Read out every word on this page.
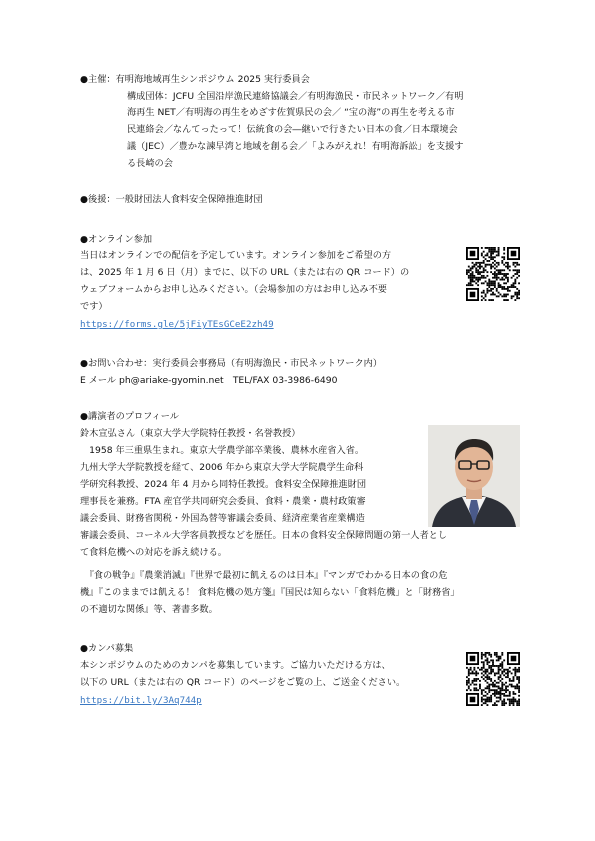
●主催：有明海地域再生シンポジウム 2025 実行委員会
構成団体：JCFU 全国沿岸漁民連絡協議会／有明海漁民・市民ネットワーク／有明
海再生 NET／有明海の再生をめざす佐賀県民の会／ “宝の海”の再生を考える市
民連絡会／なんてったって！伝統食の会―継いで行きたい日本の食／日本環境会
議（JEC）／豊かな諫早湾と地域を創る会／「よみがえれ！有明海訴訟」を支援す
る長崎の会
●後援：一般財団法人食料安全保障推進財団
●オンライン参加
当日はオンラインでの配信を予定しています。オンライン参加をご希望の方
は、2025 年 1 月 6 日（月）までに、以下の URL（または右の QR コード）の
ウェブフォームからお申し込みください。（会場参加の方はお申し込み不要
です）
https://forms.gle/5jFiyTEsGCeE2zh49
●お問い合わせ：実行委員会事務局（有明海漁民・市民ネットワーク内）
E メール ph@ariake-gyomin.net　TEL/FAX 03-3986-6490
●講演者のプロフィール
鈴木宣弘さん（東京大学大学院特任教授・名誉教授）
　1958 年三重県生まれ。東京大学農学部卒業後、農林水産省入省。
九州大学大学院教授を経て、2006 年から東京大学大学院農学生命科
学研究科教授、2024 年 4 月から同特任教授。食料安全保障推進財団
理事長を兼務。FTA 産官学共同研究会委員、食料・農業・農村政策審
議会委員、財務省関税・外国為替等審議会委員、経済産業省産業構造
審議会委員、コーネル大学客員教授などを歴任。日本の食料安全保障問題の第一人者とし
て食料危機への対応を訴え続ける。
　『食の戦争』『農業消滅』『世界で最初に飢えるのは日本』『マンガでわかる日本の食の危
機』『このままでは飢える！ 食料危機の処方箋』『国民は知らない「食料危機」と「財務省」
の不適切な関係』等、著書多数。
●カンパ募集
本シンポジウムのためのカンパを募集しています。ご協力いただける方は、
以下の URL（または右の QR コード）のページをご覧の上、ご送金ください。
https://bit.ly/3Aq744p
